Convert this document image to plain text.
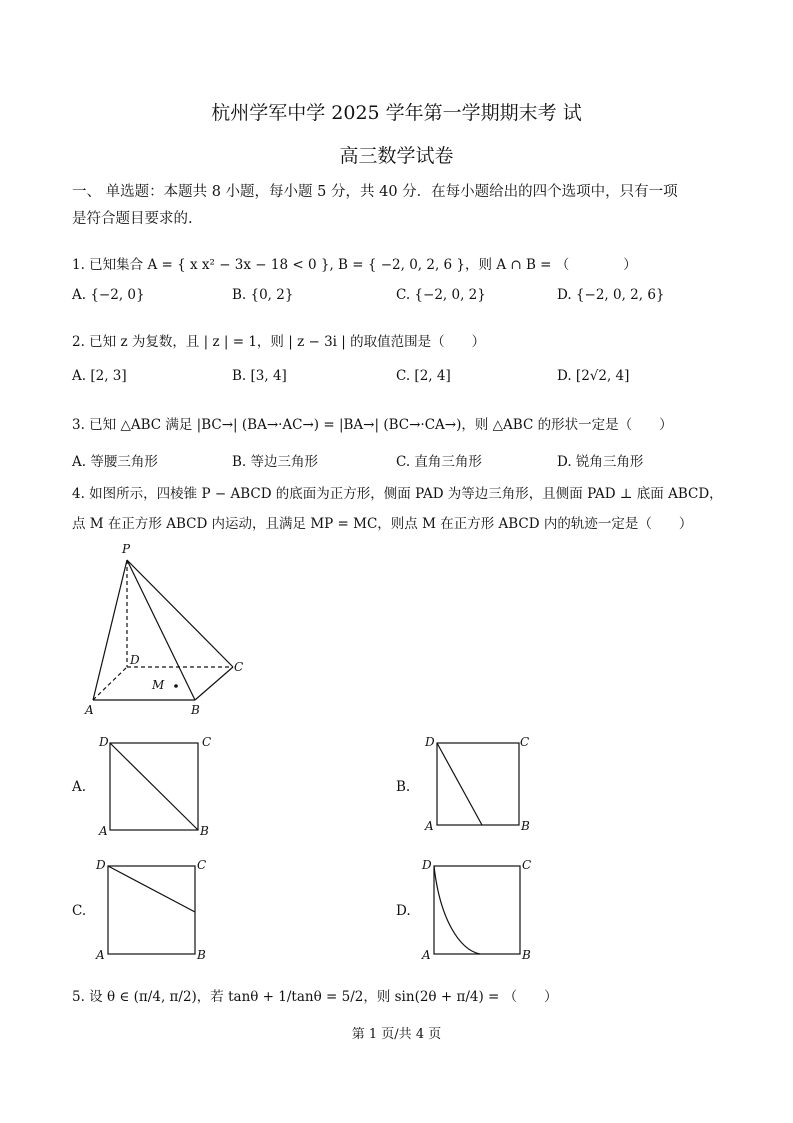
杭州学军中学 2025 学年第一学期期末考 试
高三数学试卷
一、 单选题：本题共 8 小题，每小题 5 分，共 40 分．在每小题给出的四个选项中，只有一项
是符合题目要求的.
1. 已知集合 A = { x x² − 3x − 18 < 0 }, B = { −2, 0, 2, 6 }，则 A ∩ B = （　　　　）
A. {−2, 0}	B. {0, 2}	C. {−2, 0, 2}	D. {−2, 0, 2, 6}
2. 已知 z 为复数，且 | z | = 1，则 | z − 3i | 的取值范围是（　　）
A. [2, 3]	B. [3, 4]	C. [2, 4]	D. [2√2, 4]
3. 已知 △ABC 满足 |BC→| (BA→·AC→) = |BA→| (BC→·CA→)，则 △ABC 的形状一定是（　　）
A. 等腰三角形	B. 等边三角形	C. 直角三角形	D. 锐角三角形
4. 如图所示，四棱锥 P − ABCD 的底面为正方形，侧面 PAD 为等边三角形，且侧面 PAD ⊥ 底面 ABCD，
点 M 在正方形 ABCD 内运动，且满足 MP = MC，则点 M 在正方形 ABCD 内的轨迹一定是（　　）
P
D	C
M
A	B
A.
D	C
A	B
B.
D	C
A	B
C.
D	C
A	B
D.
D	C
A	B
5. 设 θ ∈ (π/4, π/2)，若 tanθ + 1/tanθ = 5/2，则 sin(2θ + π/4) = （　　）
第 1 页/共 4 页
